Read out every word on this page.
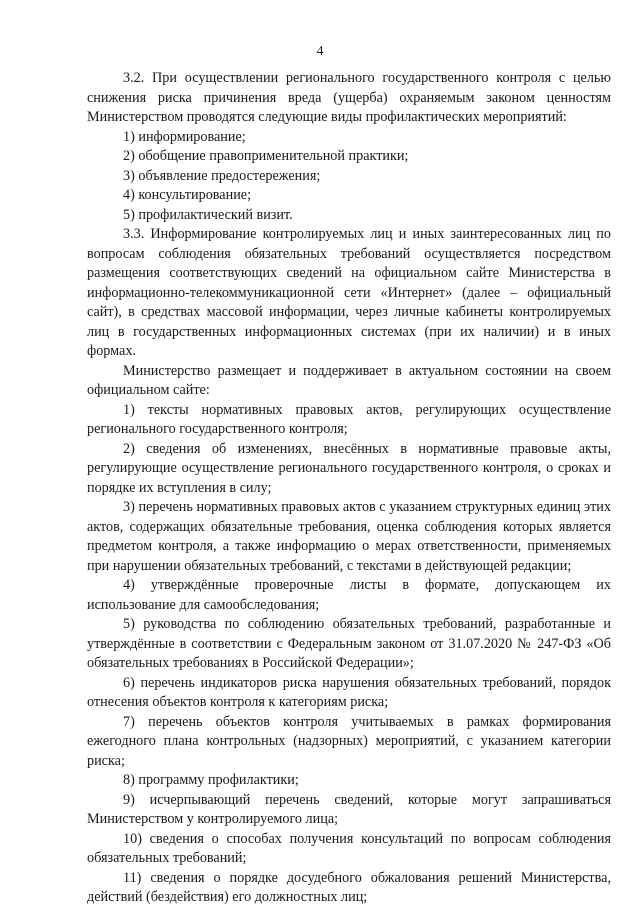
4

3.2. При осуществлении регионального государственного контроля с целью снижения риска причинения вреда (ущерба) охраняемым законом ценностям Министерством проводятся следующие виды профилактических мероприятий:

1) информирование;

2) обобщение правоприменительной практики;

3) объявление предостережения;

4) консультирование;

5) профилактический визит.

3.3. Информирование контролируемых лиц и иных заинтересованных лиц по вопросам соблюдения обязательных требований осуществляется посредством размещения соответствующих сведений на официальном сайте Министерства в информационно-телекоммуникационной сети «Интернет» (далее – официальный сайт), в средствах массовой информации, через личные кабинеты контролируемых лиц в государственных информационных системах (при их наличии) и в иных формах.

Министерство размещает и поддерживает в актуальном состоянии на своем официальном сайте:

1) тексты нормативных правовых актов, регулирующих осуществление регионального государственного контроля;

2) сведения об изменениях, внесённых в нормативные правовые акты, регулирующие осуществление регионального государственного контроля, о сроках и порядке их вступления в силу;

3) перечень нормативных правовых актов с указанием структурных единиц этих актов, содержащих обязательные требования, оценка соблюдения которых является предметом контроля, а также информацию о мерах ответственности, применяемых при нарушении обязательных требований, с текстами в действующей редакции;

4) утверждённые проверочные листы в формате, допускающем их использование для самообследования;

5) руководства по соблюдению обязательных требований, разработанные и утверждённые в соответствии с Федеральным законом от 31.07.2020 № 247-ФЗ «Об обязательных требованиях в Российской Федерации»;

6) перечень индикаторов риска нарушения обязательных требований, порядок отнесения объектов контроля к категориям риска;

7) перечень объектов контроля учитываемых в рамках формирования ежегодного плана контрольных (надзорных) мероприятий, с указанием категории риска;

8) программу профилактики;

9) исчерпывающий перечень сведений, которые могут запрашиваться Министерством у контролируемого лица;

10) сведения о способах получения консультаций по вопросам соблюдения обязательных требований;

11) сведения о порядке досудебного обжалования решений Министерства, действий (бездействия) его должностных лиц;
